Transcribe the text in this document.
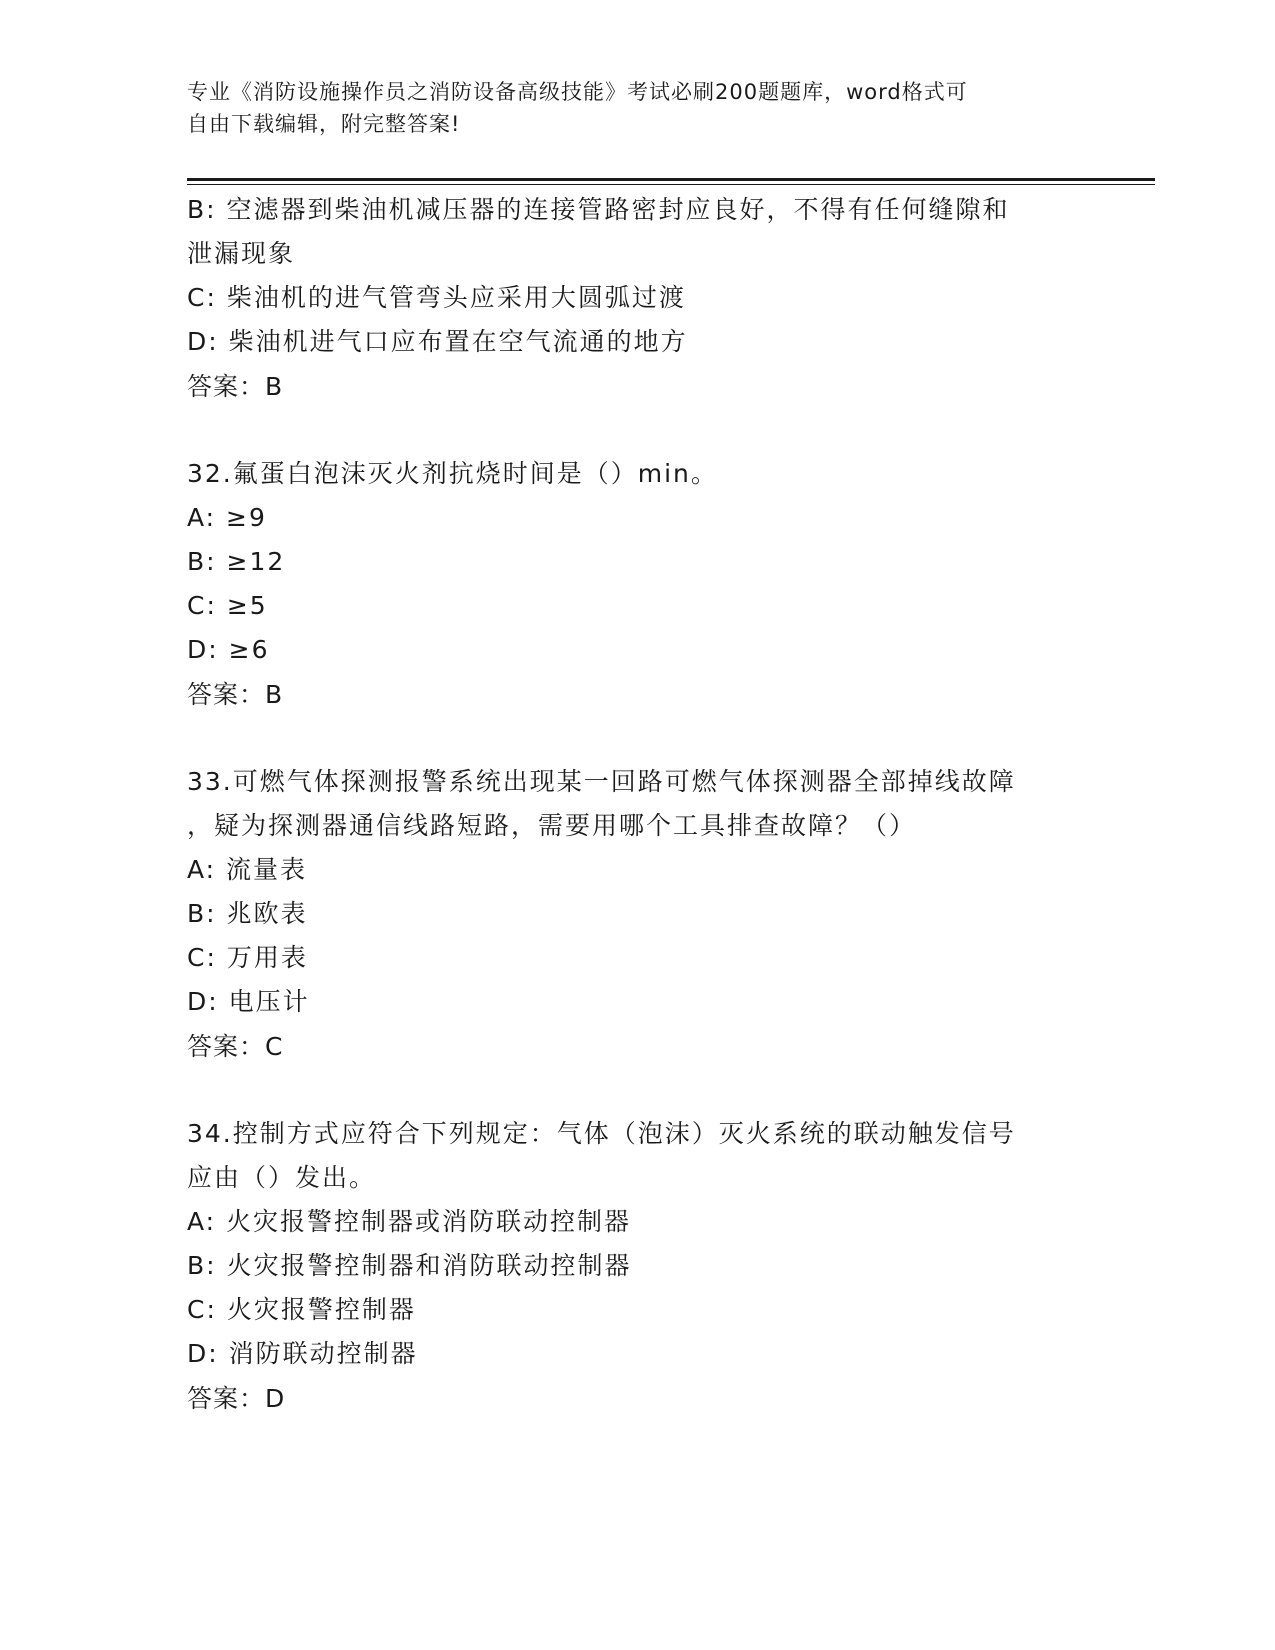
专业《消防设施操作员之消防设备高级技能》考试必刷200题题库，word格式可
自由下载编辑，附完整答案!
B: 空滤器到柴油机减压器的连接管路密封应良好，不得有任何缝隙和
泄漏现象
C: 柴油机的进气管弯头应采用大圆弧过渡
D: 柴油机进气口应布置在空气流通的地方
答案：B
32.氟蛋白泡沫灭火剂抗烧时间是（）min。
A: ≥9
B: ≥12
C: ≥5
D: ≥6
答案：B
33.可燃气体探测报警系统出现某一回路可燃气体探测器全部掉线故障
，疑为探测器通信线路短路，需要用哪个工具排查故障？（）
A: 流量表
B: 兆欧表
C: 万用表
D: 电压计
答案：C
34.控制方式应符合下列规定：气体（泡沫）灭火系统的联动触发信号
应由（）发出。
A: 火灾报警控制器或消防联动控制器
B: 火灾报警控制器和消防联动控制器
C: 火灾报警控制器
D: 消防联动控制器
答案：D
